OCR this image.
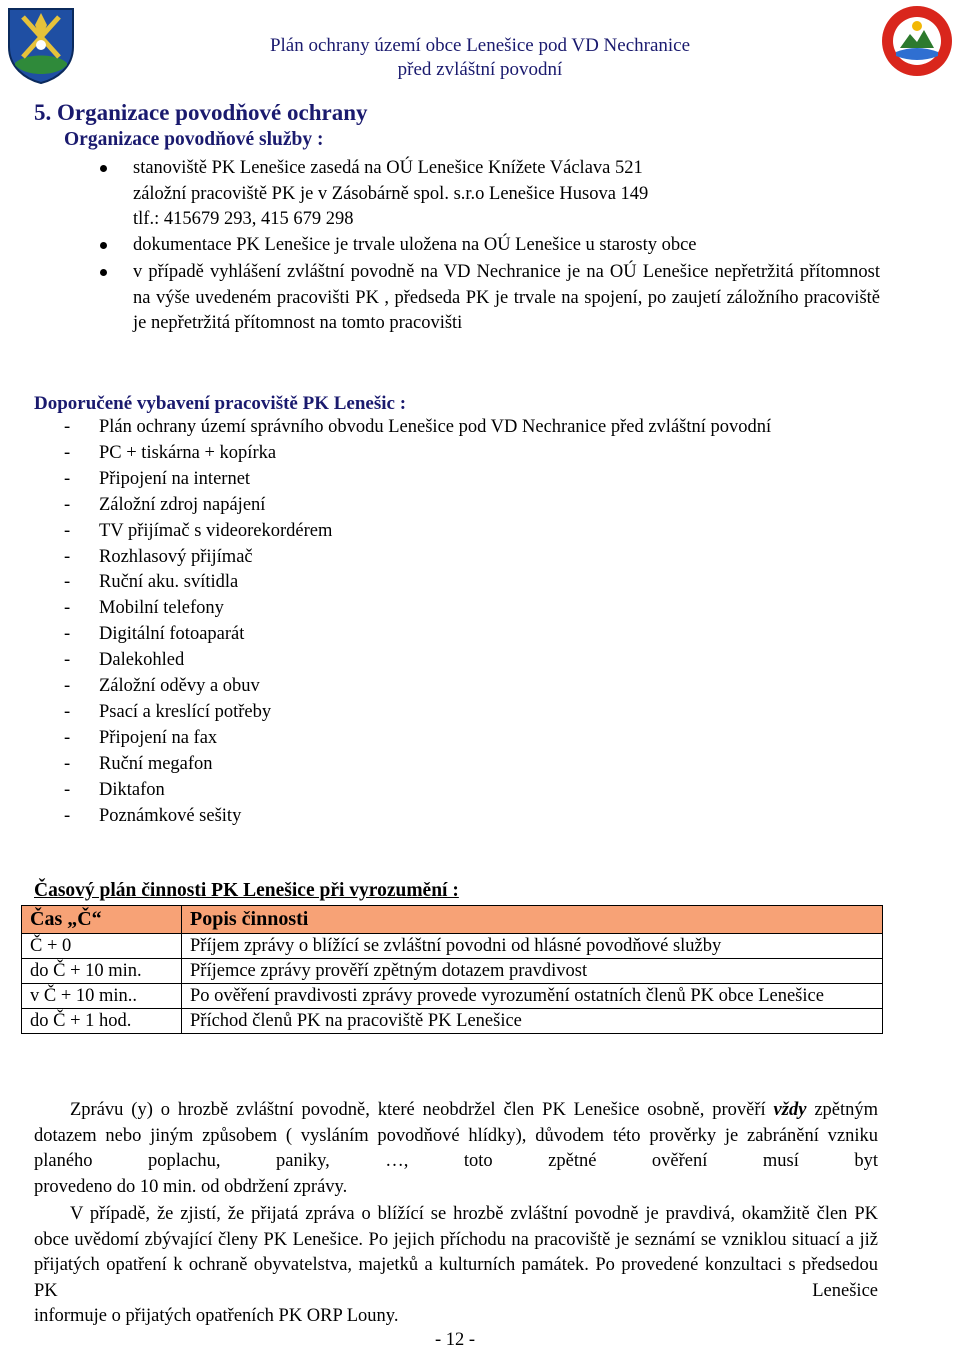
Plán ochrany území obce Lenešice pod VD Nechranice
před zvláštní povodní
5. Organizace povodňové ochrany
Organizace povodňové služby :
stanoviště PK Lenešice zasedá na OÚ Lenešice Knížete Václava 521
záložní pracoviště PK je v Zásobárně spol. s.r.o Lenešice Husova 149
tlf.: 415679 293, 415 679 298
dokumentace PK Lenešice je trvale uložena na OÚ Lenešice u starosty obce
v případě vyhlášení zvláštní povodně na VD Nechranice je na OÚ Lenešice nepřetržitá přítomnost na výše uvedeném pracovišti PK , předseda PK je trvale na spojení, po zaujetí záložního pracoviště je nepřetržitá přítomnost na tomto pracovišti
Doporučené vybavení pracoviště PK Lenešic :
- Plán ochrany území správního obvodu Lenešice pod VD Nechranice před zvláštní povodní
- PC + tiskárna + kopírka
- Připojení na internet
- Záložní zdroj napájení
- TV přijímač s videorekordérem
- Rozhlasový přijímač
- Ruční aku. svítidla
- Mobilní telefony
- Digitální fotoaparát
- Dalekohled
- Záložní oděvy a obuv
- Psací a kreslící potřeby
- Připojení na fax
- Ruční megafon
- Diktafon
- Poznámkové sešity
Časový plán činnosti PK Lenešice při vyrozumění :
Čas „Č“	Popis činnosti
Č + 0	Příjem zprávy o blížící se zvláštní povodni od hlásné povodňové služby
do Č + 10 min.	Příjemce zprávy prověří zpětným dotazem pravdivost
v Č + 10 min..	Po ověření pravdivosti zprávy provede vyrozumění ostatních členů PK obce Lenešice
do Č + 1 hod.	Příchod členů PK na pracoviště PK Lenešice
Zprávu (y) o hrozbě zvláštní povodně, které neobdržel člen PK Lenešice osobně, prověří vždy zpětným dotazem nebo jiným způsobem ( vysláním povodňové hlídky), důvodem této prověrky je zabránění vzniku planého poplachu, paniky, …, toto zpětné ověření musí byt
provedeno do 10 min. od obdržení zprávy.
V případě, že zjistí, že přijatá zpráva o blížící se hrozbě zvláštní povodně je pravdivá, okamžitě člen PK obce uvědomí zbývající členy PK Lenešice. Po jejich příchodu na pracoviště je seznámí se vzniklou situací a již přijatých opatření k ochraně obyvatelstva, majetků a kulturních památek. Po provedené konzultaci s předsedou PK Lenešice
informuje o přijatých opatřeních PK ORP Louny.
- 12 -
